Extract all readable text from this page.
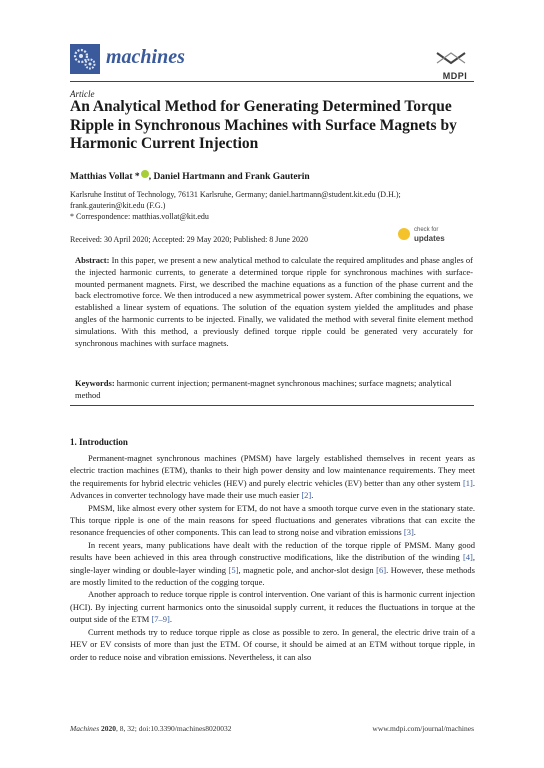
machines
MDPI
Article
An Analytical Method for Generating Determined Torque Ripple in Synchronous Machines with Surface Magnets by Harmonic Current Injection
Matthias Vollat * , Daniel Hartmann and Frank Gauterin
Karlsruhe Institut of Technology, 76131 Karlsruhe, Germany; daniel.hartmann@student.kit.edu (D.H.); frank.gauterin@kit.edu (F.G.)
* Correspondence: matthias.vollat@kit.edu
Received: 30 April 2020; Accepted: 29 May 2020; Published: 8 June 2020
check for
updates
Abstract: In this paper, we present a new analytical method to calculate the required amplitudes and phase angles of the injected harmonic currents, to generate a determined torque ripple for synchronous machines with surface-mounted permanent magnets. First, we described the machine equations as a function of the phase current and the back electromotive force. We then introduced a new asymmetrical power system. After combining the equations, we established a linear system of equations. The solution of the equation system yielded the amplitudes and phase angles of the harmonic currents to be injected. Finally, we validated the method with several finite element method simulations. With this method, a previously defined torque ripple could be generated very accurately for synchronous machines with surface magnets.
Keywords: harmonic current injection; permanent-magnet synchronous machines; surface magnets; analytical method
1. Introduction

Permanent-magnet synchronous machines (PMSM) have largely established themselves in recent years as electric traction machines (ETM), thanks to their high power density and low maintenance requirements. They meet the requirements for hybrid electric vehicles (HEV) and purely electric vehicles (EV) better than any other system [1]. Advances in converter technology have made their use much easier [2].

PMSM, like almost every other system for ETM, do not have a smooth torque curve even in the stationary state. This torque ripple is one of the main reasons for speed fluctuations and generates vibrations that can excite the resonance frequencies of other components. This can lead to strong noise and vibration emissions [3].

In recent years, many publications have dealt with the reduction of the torque ripple of PMSM. Many good results have been achieved in this area through constructive modifications, like the distribution of the winding [4], single-layer winding or double-layer winding [5], magnetic pole, and anchor-slot design [6]. However, these methods are mostly limited to the reduction of the cogging torque.

Another approach to reduce torque ripple is control intervention. One variant of this is harmonic current injection (HCI). By injecting current harmonics onto the sinusoidal supply current, it reduces the fluctuations in torque at the output side of the ETM [7–9].

Current methods try to reduce torque ripple as close as possible to zero. In general, the electric drive train of a HEV or EV consists of more than just the ETM. Of course, it should be aimed at an ETM without torque ripple, in order to reduce noise and vibration emissions. Nevertheless, it can also

Machines 2020, 8, 32; doi:10.3390/machines8020032	www.mdpi.com/journal/machines
